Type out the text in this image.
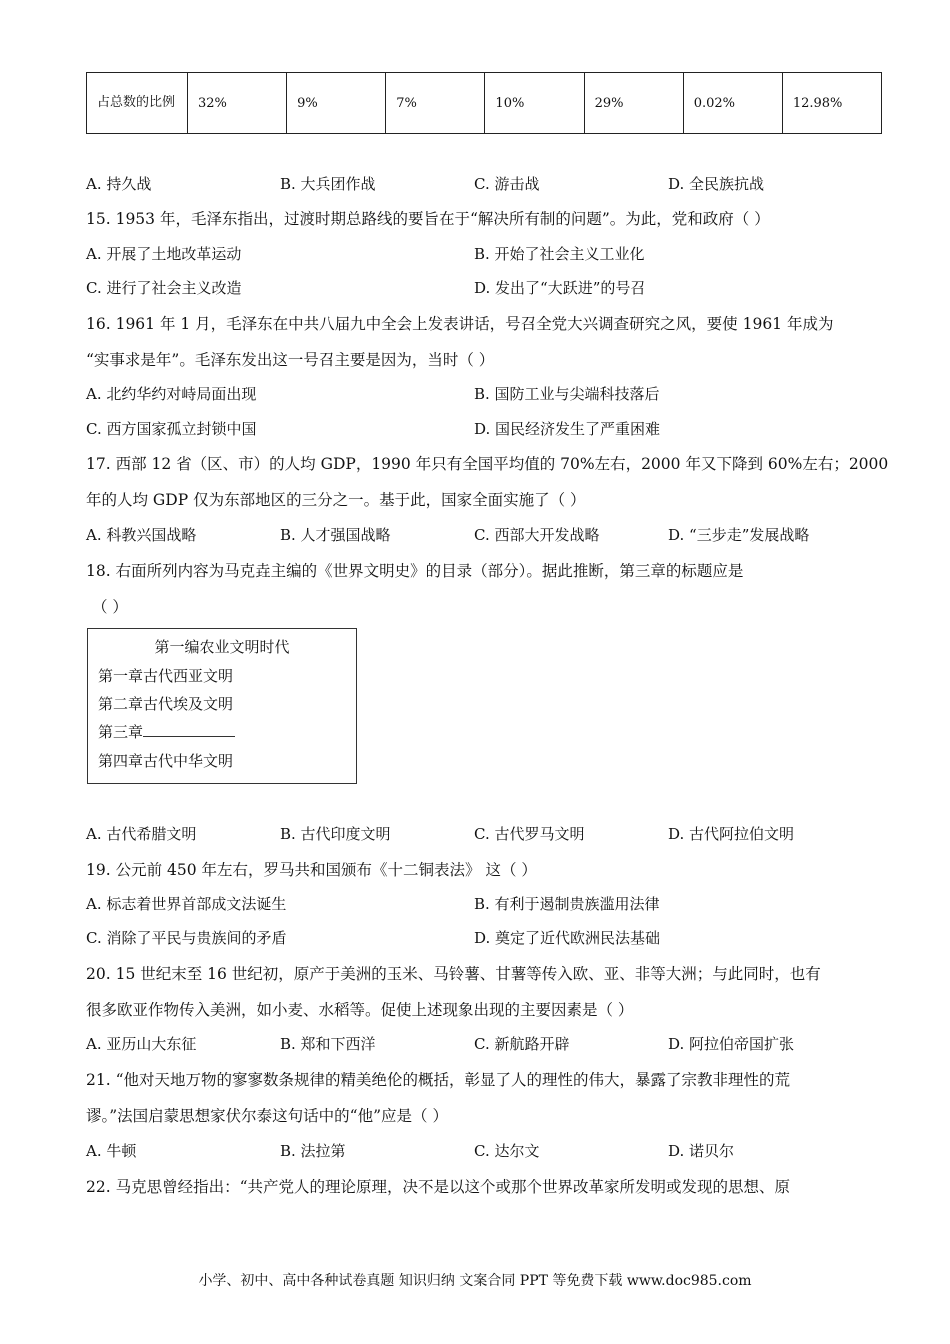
占总数的比例	32%	9%	7%	10%	29%	0.02%	12.98%
A. 持久战	B. 大兵团作战	C. 游击战	D. 全民族抗战
15. 1953 年，毛泽东指出，过渡时期总路线的要旨在于“解决所有制的问题”。为此，党和政府（ ）
A. 开展了土地改革运动	B. 开始了社会主义工业化
C. 进行了社会主义改造	D. 发出了“大跃进”的号召
16. 1961 年 1 月，毛泽东在中共八届九中全会上发表讲话，号召全党大兴调查研究之风，要使 1961 年成为
“实事求是年”。毛泽东发出这一号召主要是因为，当时（ ）
A. 北约华约对峙局面出现	B. 国防工业与尖端科技落后
C. 西方国家孤立封锁中国	D. 国民经济发生了严重困难
17. 西部 12 省（区、市）的人均 GDP，1990 年只有全国平均值的 70%左右，2000 年又下降到 60%左右；2000
年的人均 GDP 仅为东部地区的三分之一。基于此，国家全面实施了（ ）
A. 科教兴国战略	B. 人才强国战略	C. 西部大开发战略	D. “三步走”发展战略
18. 右面所列内容为马克垚主编的《世界文明史》的目录（部分）。据此推断，第三章的标题应是
（ ）
第一编农业文明时代
第一章古代西亚文明
第二章古代埃及文明
第三章
第四章古代中华文明
A. 古代希腊文明	B. 古代印度文明	C. 古代罗马文明	D. 古代阿拉伯文明
19. 公元前 450 年左右，罗马共和国颁布《十二铜表法》 这（ ）
A. 标志着世界首部成文法诞生	B. 有利于遏制贵族滥用法律
C. 消除了平民与贵族间的矛盾	D. 奠定了近代欧洲民法基础
20. 15 世纪末至 16 世纪初，原产于美洲的玉米、马铃薯、甘薯等传入欧、亚、非等大洲；与此同时，也有
很多欧亚作物传入美洲，如小麦、水稻等。促使上述现象出现的主要因素是（ ）
A. 亚历山大东征	B. 郑和下西洋	C. 新航路开辟	D. 阿拉伯帝国扩张
21. “他对天地万物的寥寥数条规律的精美绝伦的概括，彰显了人的理性的伟大，暴露了宗教非理性的荒
谬。”法国启蒙思想家伏尔泰这句话中的“他”应是（ ）
A. 牛顿	B. 法拉第	C. 达尔文	D. 诺贝尔
22. 马克思曾经指出：“共产党人的理论原理，决不是以这个或那个世界改革家所发明或发现的思想、原
小学、初中、高中各种试卷真题 知识归纳 文案合同 PPT 等免费下载 www.doc985.com
